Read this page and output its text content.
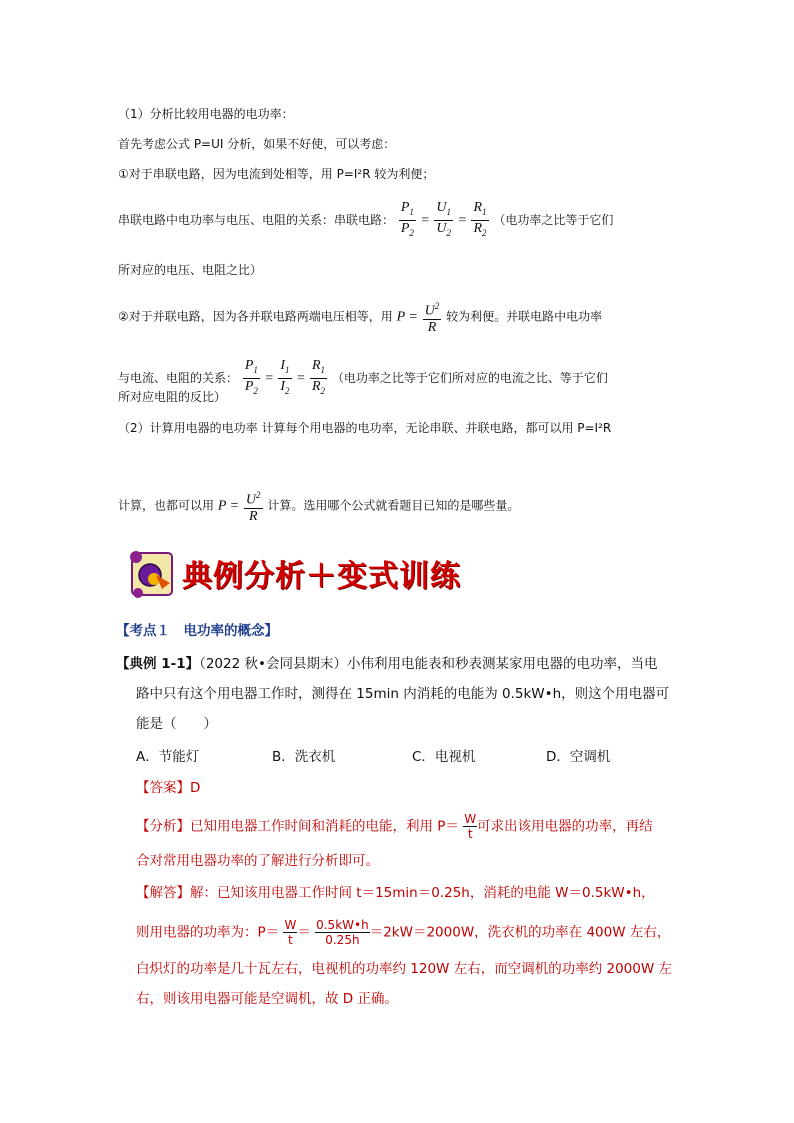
（1）分析比较用电器的电功率：
首先考虑公式 P=UI 分析，如果不好使，可以考虑：
①对于串联电路，因为电流到处相等，用 P=I²R 较为利便；
串联电路中电功率与电压、电阻的关系：串联电路： $\frac{P_1}{P_2} = \frac{U_1}{U_2} = \frac{R_1}{R_2}$ （电功率之比等于它们
所对应的电压、电阻之比）
②对于并联电路，因为各并联电路两端电压相等，用 $P = \frac{U^2}{R}$ 较为利便。并联电路中电功率
与电流、电阻的关系： $\frac{P_1}{P_2} = \frac{I_1}{I_2} = \frac{R_1}{R_2}$ （电功率之比等于它们所对应的电流之比、等于它们
所对应电阻的反比）
（2）计算用电器的电功率 计算每个用电器的电功率，无论串联、并联电路，都可以用 P=I²R
计算，也都可以用 $P = \frac{U^2}{R}$ 计算。选用哪个公式就看题目已知的是哪些量。
典例分析＋变式训练
【考点１　电功率的概念】
【典例 1-1】（2022 秋•会同县期末）小伟利用电能表和秒表测某家用电器的电功率，当电
路中只有这个用电器工作时，测得在 15min 内消耗的电能为 0.5kW•h，则这个用电器可
能是（　　）
A．节能灯	B．洗衣机	C．电视机	D．空调机
【答案】D
【分析】已知用电器工作时间和消耗的电能，利用 $P= \frac{W}{t}$ 可求出该用电器的功率，再结
合对常用电器功率的了解进行分析即可。
【解答】解：已知该用电器工作时间 t＝15min＝0.25h，消耗的电能 W＝0.5kW•h，
则用电器的功率为：$P= \frac{W}{t} = \frac{0.5kW•h}{0.25h} =2kW=2000W$，洗衣机的功率在 400W 左右，
白炽灯的功率是几十瓦左右，电视机的功率约 120W 左右，而空调机的功率约 2000W 左
右，则该用电器可能是空调机，故 D 正确。
